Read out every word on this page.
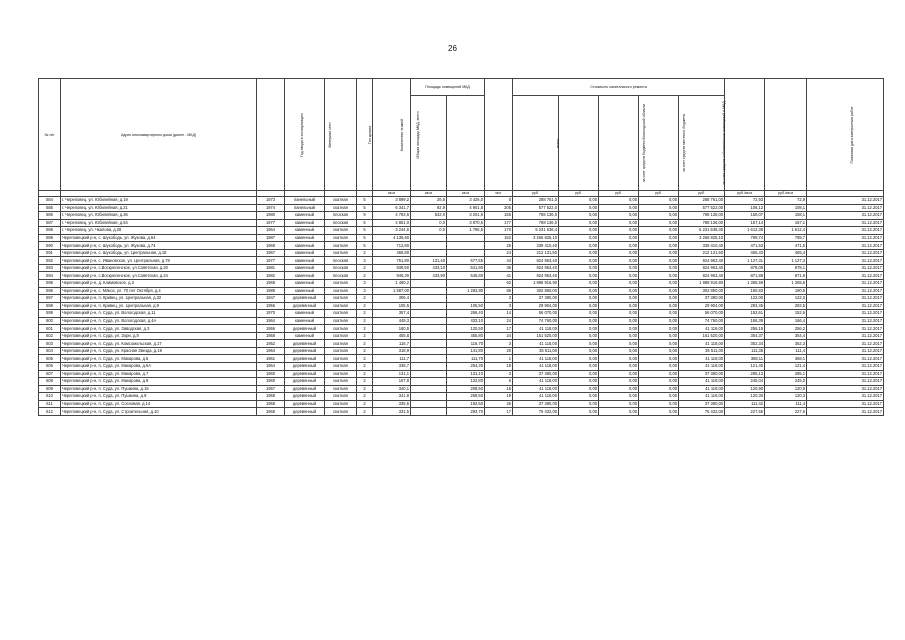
26
№ п/п	Адрес многоквартирного дома (далее - МКД)	Год ввода в эксплуатацию	Материал стен	Тип кровли	Количество этажей	Общая площадь МКД, всего	Площадь помещений МКД			Стоимость капитального ремонта							Плановая дата завершения работ
										всего:		за счет средств бюджета Вологодской области	за счет средств местного бюджета	за счет средств собственников помещений в МКД			
						кв.м	кв.м	кв.м	чел.	руб.	руб.	руб.	руб.	руб.	руб./кв.м	руб./кв.м	
584	г. Череповец, ул. Юбилейная, д.19	1973	панельный	скатная	5	3 899,2	26,6	3 426,0	0	288 761,0	0,00	0,00	0,00	288 761,00	72,93	72,9	31.12.2017
585	г. Череповец, ул. Юбилейная, д.21	1974	панельный	скатная	5	6 341,7	92,9	4 901,8	205	577 522,0	0,00	0,00	0,00	577 522,00	108,12	108,1	31.12.2017
586	г. Череповец, ул. Юбилейная, д.36	1980	каменный	плоская	9	4 783,6	542,0	3 201,6	155	788 136,0	0,00	0,00	0,00	788 136,00	158,07	158,1	31.12.2017
587	г. Череповец, ул. Юбилейная, д.54	1977	каменный	плоская	5	4 851,0	0,0	3 870,6	177	788 136,0	0,00	0,00	0,00	788 136,00	157,14	157,1	31.12.2017
588	г. Череповец, ул. Чкалова, д.28	1964	каменный	скатная	5	3 244,6	0,0	1 796,5	170	5 231 538,4	0,00	0,00	0,00	5 231 538,40	1 612,38	1 612,4	31.12.2017
589	Череповецкий р-н, с. Шухободь, ул. Жукова, д.64	1987	каменный	скатная	5	4 136,60			152	3 266 825,10	0,00	0,00	0,00	3 266 825,10	789,74	789,7	31.12.2017
590	Череповецкий р-н, с. Шухободь, ул. Жукова, д.74	1969	каменный	скатная	5	712,80			25	339 410,40	0,00	0,00	0,00	339 410,40	471,53	471,5	31.12.2017
591	Череповецкий р-н, с. Шухободь, ул. Центральная, д.18	1967	каменный	скатная	2	465,80			24	212 131,50	0,00	0,00	0,00	212 131,50	465,43	465,4	31.12.2017
592	Череповецкий р-н, с. Ивановское, ул. Центральная, д.78	1977	каменный	плоская	3	751,80	131,40	677,55	44	824 963,40	0,00	0,00	0,00	824 963,40	1 127,31	1 127,3	31.12.2017
593	Череповецкий р-н, с.Воскресенское, ул.Советская, д.20	1981	каменный	плоская	2	939,50	433,10	541,90	36	824 963,40	0,00	0,00	0,00	824 963,40	878,09	878,1	31.12.2017
594	Череповецкий р-н, с.Воскресенское, ул.Советская, д.24	1982	каменный	плоская	2	946,30	433,90	545,80	41	824 963,40	0,00	0,00	0,00	824 963,40	871,89	871,9	31.12.2017
595	Череповецкий р-н, д. Климовское, д.3	1968	каменный	скатная	3	1 460,2			62	1 988 916,90	0,00	0,00	0,00	1 988 916,90	1 365,59	1 365,6	31.12.2017
596	Череповецкий р-н, с. Мякса, ул. 70 лет Октября, д.4	1989	каменный	скатная	3	1 587,00		1 283,80	85	302 850,00	0,00	0,00	0,00	302 850,00	190,83	190,8	31.12.2017
597	Череповецкий р-н, п. Кривец, ул. Центральная, д.32	1947	деревянный	скатная	2	306,4			3	37 380,00	0,00	0,00	0,00	37 380,00	122,00	122,0	31.12.2017
598	Череповецкий р-н, п. Кривец, ул. Центральная, д.9	1956	деревянный	скатная	2	105,5		105,50	3	29 904,00	0,00	0,00	0,00	29 904,00	283,45	283,5	31.12.2017
599	Череповецкий р-н, п. Суда, ул. Вологодская, д.11	1970	каменный	скатная	2	367,4		266,40	14	56 070,00	0,00	0,00	0,00	56 070,00	152,61	152,6	31.12.2017
600	Череповецкий р-н, п. Суда, ул. Вологодская, д.4А	1964	каменный	скатная	2	449,3		433,10	24	74 760,00	0,00	0,00	0,00	74 760,00	166,39	166,4	31.12.2017
601	Череповецкий р-н, п. Суда, ул. Заводская, д.3	1956	деревянный	скатная	2	160,5		120,50	17	41 118,00	0,00	0,00	0,00	41 118,00	256,19	256,2	31.12.2017
602	Череповецкий р-н, п. Суда, ул. Зори, д.9	1958	каменный	скатная	2	455,8		455,80	24	161 520,00	0,00	0,00	0,00	161 520,00	354,37	354,4	31.12.2017
603	Череповецкий р-н, п. Суда, ул. Комсомольская, д.17	1952	деревянный	скатная	2	116,7		116,70	3	41 118,00	0,00	0,00	0,00	41 118,00	352,34	352,3	31.12.2017
604	Череповецкий р-н, п. Суда, ул. Красная Звезда, д.19	1964	деревянный	скатная	2	318,9		141,80	20	35 511,00	0,00	0,00	0,00	35 511,00	111,35	111,4	31.12.2017
605	Череповецкий р-н, п. Суда, ул. Макарова, д.5	1961	деревянный	скатная	2	111,7		111,70	1	41 118,00	0,00	0,00	0,00	41 118,00	368,11	368,1	31.12.2017
606	Череповецкий р-н, п. Суда, ул. Макарова, д.6А	1964	деревянный	скатная	2	338,7		254,30	18	41 118,00	0,00	0,00	0,00	41 118,00	121,40	121,4	31.12.2017
607	Череповецкий р-н, п. Суда, ул. Макарова, д.7	1960	деревянный	скатная	2	131,1		131,10	3	37 380,00	0,00	0,00	0,00	37 380,00	285,13	285,1	31.12.2017
608	Череповецкий р-н, п. Суда, ул. Макарова, д.9	1960	деревянный	скатная	2	167,8		132,80	6	41 118,00	0,00	0,00	0,00	41 118,00	245,04	245,0	31.12.2017
609	Череповецкий р-н, п. Суда, ул. Пушкина, д.15	1957	деревянный	скатная	2	340,1		208,50	18	41 118,00	0,00	0,00	0,00	41 118,00	120,90	120,9	31.12.2017
610	Череповецкий р-н, п. Суда, ул. Пушкина, д.9	1958	деревянный	скатная	2	341,8		269,50	19	41 118,00	0,00	0,00	0,00	41 118,00	120,30	120,3	31.12.2017
611	Череповецкий р-н, п. Суда, ул. Сосновая, д.14	1958	деревянный	скатная	2	335,5		192,50	26	37 380,00	0,00	0,00	0,00	37 380,00	111,42	111,4	31.12.2017
612	Череповецкий р-н, п. Суда, ул. Строительная, д.10	1965	деревянный	скатная	2	331,5		293,70	17	75 432,00	0,00	0,00	0,00	75 432,00	227,55	227,6	31.12.2017
